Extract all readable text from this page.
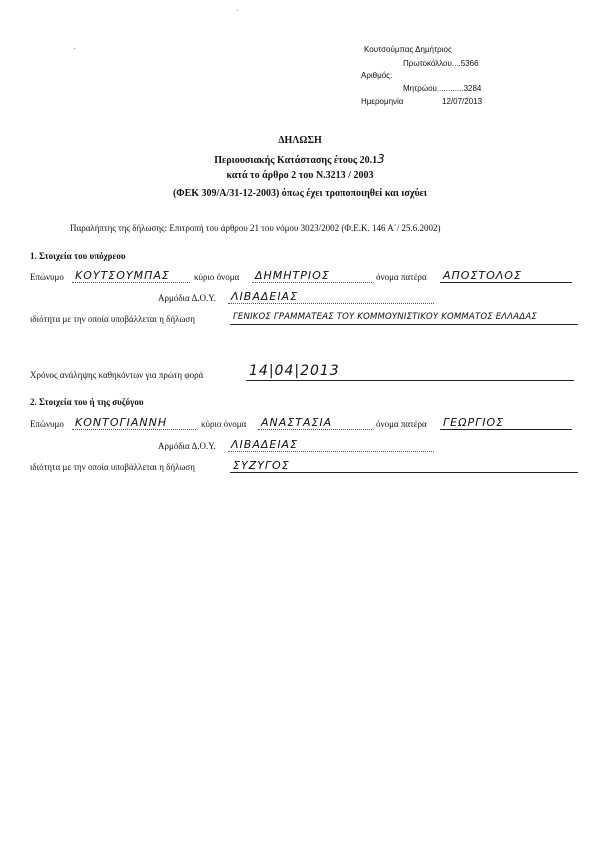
Κουτσούμπας Δημήτριος
Πρωτοκόλλου....5366
Αριθμός:
Μητρώου............3284
Ημερομηνία	12/07/2013
ΔΗΛΩΣΗ
Περιουσιακής Κατάστασης έτους 20.13
κατά το άρθρο 2 του Ν.3213 / 2003
(ΦΕΚ 309/Α/31-12-2003) όπως έχει τροποποιηθεί και ισχύει
Παραλήπτης της δήλωσης: Επιτροπή του άρθρου 21 του νόμου 3023/2002 (Φ.Ε.Κ. 146 Α΄/ 25.6.2002)
1. Στοιχεία του υπόχρεου
Επώνυμο ΚΟΥΤΣΟΥΜΠΑΣ	κύριο όνομα ΔΗΜΗΤΡΙΟΣ	όνομα πατέρα ΑΠΟΣΤΟΛΟΣ
Αρμόδια Δ.Ο.Υ. ΛΙΒΑΔΕΙΑΣ
ιδιότητα με την οποία υποβάλλεται η δήλωση	ΓΕΝΙΚΟΣ ΓΡΑΜΜΑΤΕΑΣ ΤΟΥ ΚΟΜΜΟΥΝΙΣΤΙΚΟΥ ΚΟΜΜΑΤΟΣ ΕΛΛΑΔΑΣ
Χρόνος ανάληψης καθηκόντων για πρώτη φορά	14|04|2013
2. Στοιχεία του ή της συζύγου
Επώνυμο ΚΟΝΤΟΓΙΑΝΝΗ	κύριο όνομα ΑΝΑΣΤΑΣΙΑ	όνομα πατέρα ΓΕΩΡΓΙΟΣ
Αρμόδια Δ.Ο.Υ. ΛΙΒΑΔΕΙΑΣ
ιδιότητα με την οποία υποβάλλεται η δήλωση	ΣΥΖΥΓΟΣ
